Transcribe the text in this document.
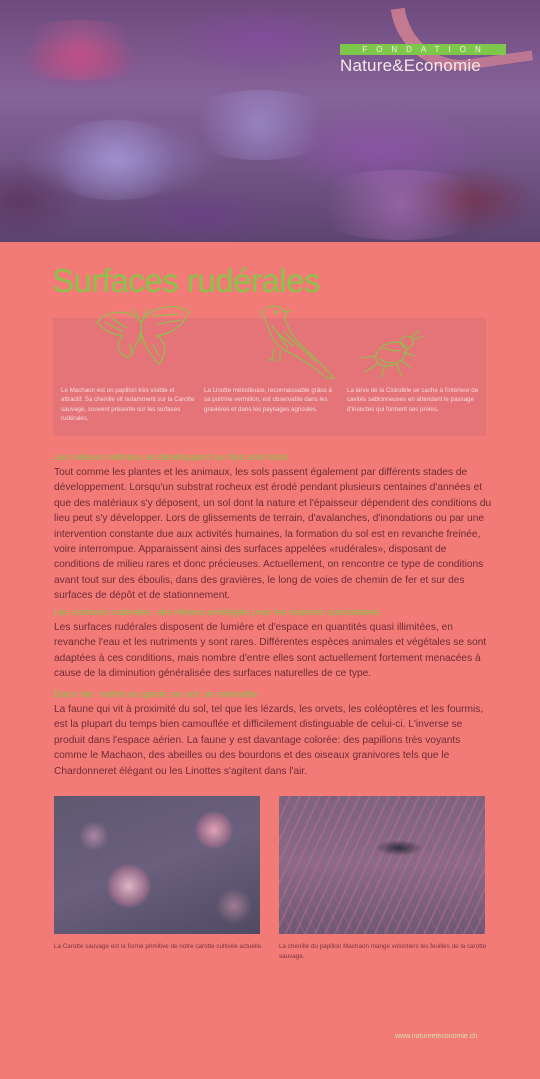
FONDATION
Nature&Economie
Surfaces rudérales
Le Machaon est un papillon très visible et attractif. Sa chenille vit notamment sur la Carotte sauvage, souvent présente sur les surfaces rudérales.
La Linotte mélodieuse, reconnaissable grâce à sa poitrine vermillon, est observable dans les gravières et dans les paysages agricoles.
La larve de la Cicindèle se cache à l'intérieur de cavités sablonneuses en attendant le passage d'insectes qui forment ses proies.
Les milieux rudéraux se développent sur des sols bruts
Tout comme les plantes et les animaux, les sols passent également par différents stades de développement. Lorsqu'un substrat rocheux est érodé pendant plusieurs centaines d'années et que des matériaux s'y déposent, un sol dont la nature et l'épaisseur dépendent des conditions du lieu peut s'y développer. Lors de glissements de terrain, d'avalanches, d'inondations ou par une intervention constante due aux activités humaines, la formation du sol est en revanche freinée, voire interrompue. Apparaissent ainsi des surfaces appelées «rudérales», disposant de conditions de milieu rares et donc précieuses. Actuellement, on rencontre ce type de conditions avant tout sur des éboulis, dans des gravières, le long de voies de chemin de fer et sur des surfaces de dépôt et de stationnement.
Les surfaces rudérales, des milieux privilégiés pour les espèces spécialisées
Les surfaces rudérales disposent de lumière et d'espace en quantités quasi illimitées, en revanche l'eau et les nutriments y sont rares. Différentes espèces animales et végétales se sont adaptées à ces conditions, mais nombre d'entre elles sont actuellement fortement menacées à cause de la diminution généralisée des surfaces naturelles de ce type.
Dans l'air: mettre en garde; au sol: se camoufler
La faune qui vit à proximité du sol, tel que les lézards, les orvets, les coléoptères et les fourmis, est la plupart du temps bien camouflée et difficilement distinguable de celui-ci. L'inverse se produit dans l'espace aérien. La faune y est davantage colorée: des papillons très voyants comme le Machaon, des abeilles ou des bourdons et des oiseaux granivores tels que le Chardonneret élégant ou les Linottes s'agitent dans l'air.
La Carotte sauvage est la forme primitive de notre carotte cultivée actuelle.	La chenille du papillon Machaon mange volontiers les feuilles de la carotte sauvage.
www.natureeteconomie.ch
